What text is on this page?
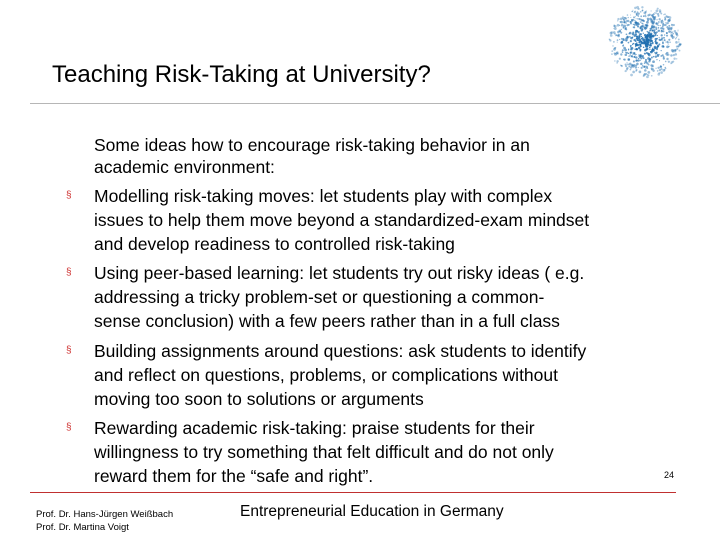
Teaching Risk-Taking at University?
Some ideas how to encourage risk-taking behavior in an
academic environment:
§ Modelling risk-taking moves: let students play with complex
issues to help them move beyond a standardized-exam mindset
and develop readiness to controlled risk-taking
§ Using peer-based learning: let students try out risky ideas ( e.g.
addressing a tricky problem-set or questioning a common-
sense conclusion) with a few peers rather than in a full class
§ Building assignments around questions: ask students to identify
and reflect on questions, problems, or complications without
moving too soon to solutions or arguments
§ Rewarding academic risk-taking: praise students for their
willingness to try something that felt difficult and do not only
reward them for the “safe and right”.	24
Prof. Dr. Hans-Jürgen Weißbach
Prof. Dr. Martina Voigt
Entrepreneurial Education in Germany
